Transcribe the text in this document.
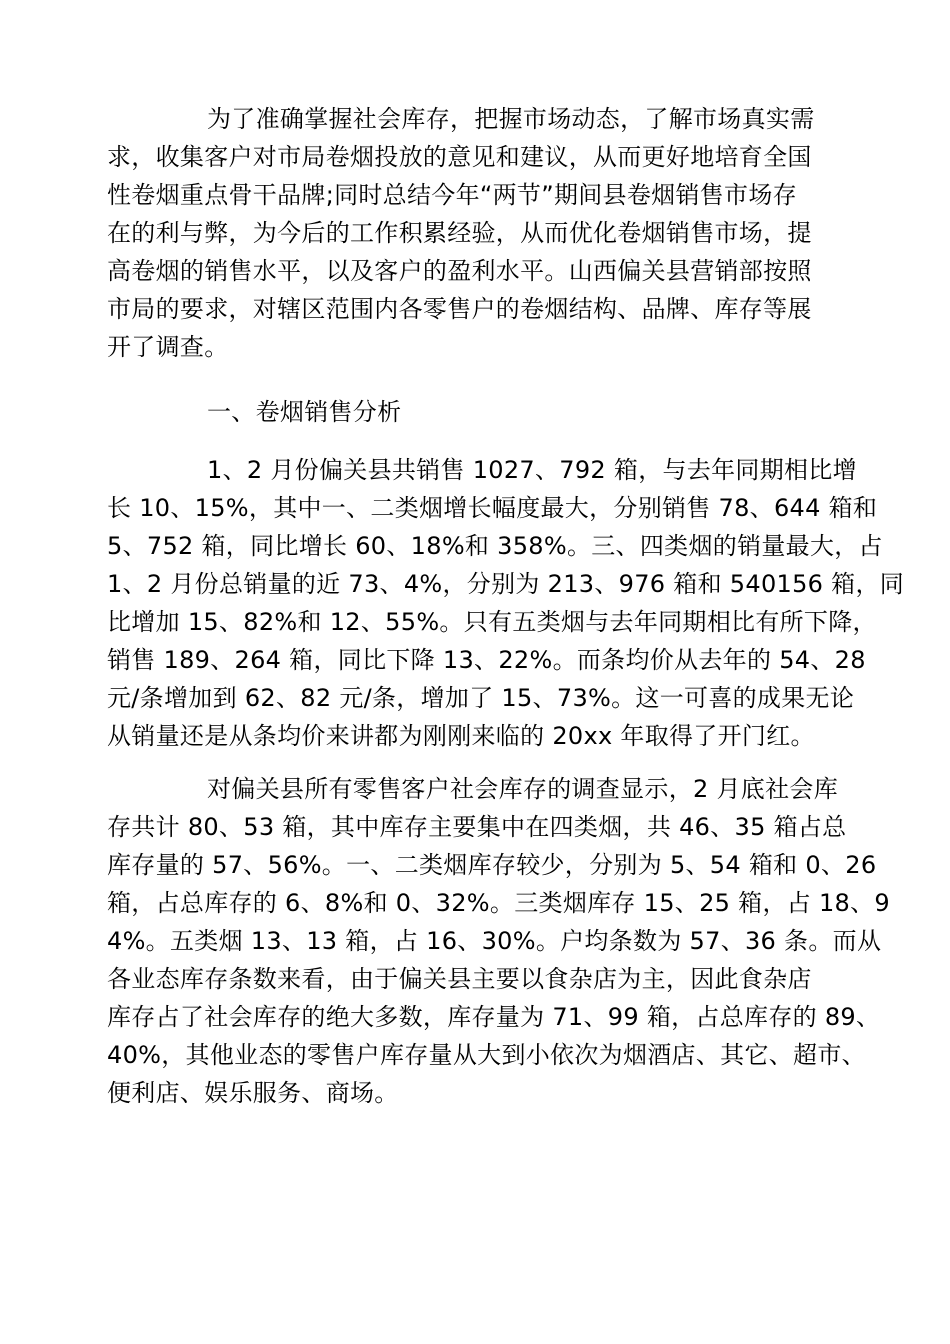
为了准确掌握社会库存，把握市场动态，了解市场真实需
求，收集客户对市局卷烟投放的意见和建议，从而更好地培育全国
性卷烟重点骨干品牌;同时总结今年“两节”期间县卷烟销售市场存
在的利与弊，为今后的工作积累经验，从而优化卷烟销售市场，提
高卷烟的销售水平，以及客户的盈利水平。山西偏关县营销部按照
市局的要求，对辖区范围内各零售户的卷烟结构、品牌、库存等展
开了调查。
一、卷烟销售分析
1、2 月份偏关县共销售 1027、792 箱，与去年同期相比增
长 10、15%，其中一、二类烟增长幅度最大，分别销售 78、644 箱和
5、752 箱，同比增长 60、18%和 358%。三、四类烟的销量最大，占
1、2 月份总销量的近 73、4%，分别为 213、976 箱和 540156 箱，同
比增加 15、82%和 12、55%。只有五类烟与去年同期相比有所下降，
销售 189、264 箱，同比下降 13、22%。而条均价从去年的 54、28
元/条增加到 62、82 元/条，增加了 15、73%。这一可喜的成果无论
从销量还是从条均价来讲都为刚刚来临的 20xx 年取得了开门红。
对偏关县所有零售客户社会库存的调查显示，2 月底社会库
存共计 80、53 箱，其中库存主要集中在四类烟，共 46、35 箱占总
库存量的 57、56%。一、二类烟库存较少，分别为 5、54 箱和 0、26
箱，占总库存的 6、8%和 0、32%。三类烟库存 15、25 箱，占 18、9
4%。五类烟 13、13 箱，占 16、30%。户均条数为 57、36 条。而从
各业态库存条数来看，由于偏关县主要以食杂店为主，因此食杂店
库存占了社会库存的绝大多数，库存量为 71、99 箱，占总库存的 89、
40%，其他业态的零售户库存量从大到小依次为烟酒店、其它、超市、
便利店、娱乐服务、商场。
